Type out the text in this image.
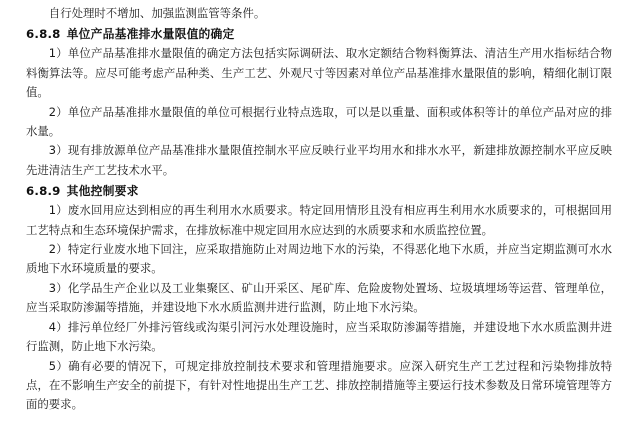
自行处理时不增加、加强监测监管等条件。

6.8.8 单位产品基准排水量限值的确定

1）单位产品基准排水量限值的确定方法包括实际调研法、取水定额结合物料衡算法、清洁生产用水指标结合物料衡算法等。应尽可能考虑产品种类、生产工艺、外观尺寸等因素对单位产品基准排水量限值的影响，精细化制订限值。

2）单位产品基准排水量限值的单位可根据行业特点选取，可以是以重量、面积或体积等计的单位产品对应的排水量。

3）现有排放源单位产品基准排水量限值控制水平应反映行业平均用水和排水水平，新建排放源控制水平应反映先进清洁生产工艺技术水平。

6.8.9 其他控制要求

1）废水回用应达到相应的再生利用水水质要求。特定回用情形且没有相应再生利用水水质要求的，可根据回用工艺特点和生态环境保护需求，在排放标准中规定回用水应达到的水质要求和水质监控位置。

2）特定行业废水地下回注，应采取措施防止对周边地下水的污染，不得恶化地下水质，并应当定期监测可水水质地下水环境质量的要求。

3）化学品生产企业以及工业集聚区、矿山开采区、尾矿库、危险废物处置场、垃圾填埋场等运营、管理单位，应当采取防渗漏等措施，并建设地下水水质监测井进行监测，防止地下水污染。

4）排污单位经厂外排污管线或沟渠引河污水处理设施时，应当采取防渗漏等措施，并建设地下水水质监测井进行监测，防止地下水污染。

5）确有必要的情况下，可规定排放控制技术要求和管理措施要求。应深入研究生产工艺过程和污染物排放特点，在不影响生产安全的前提下，有针对性地提出生产工艺、排放控制措施等主要运行技术参数及日常环境管理等方面的要求。
